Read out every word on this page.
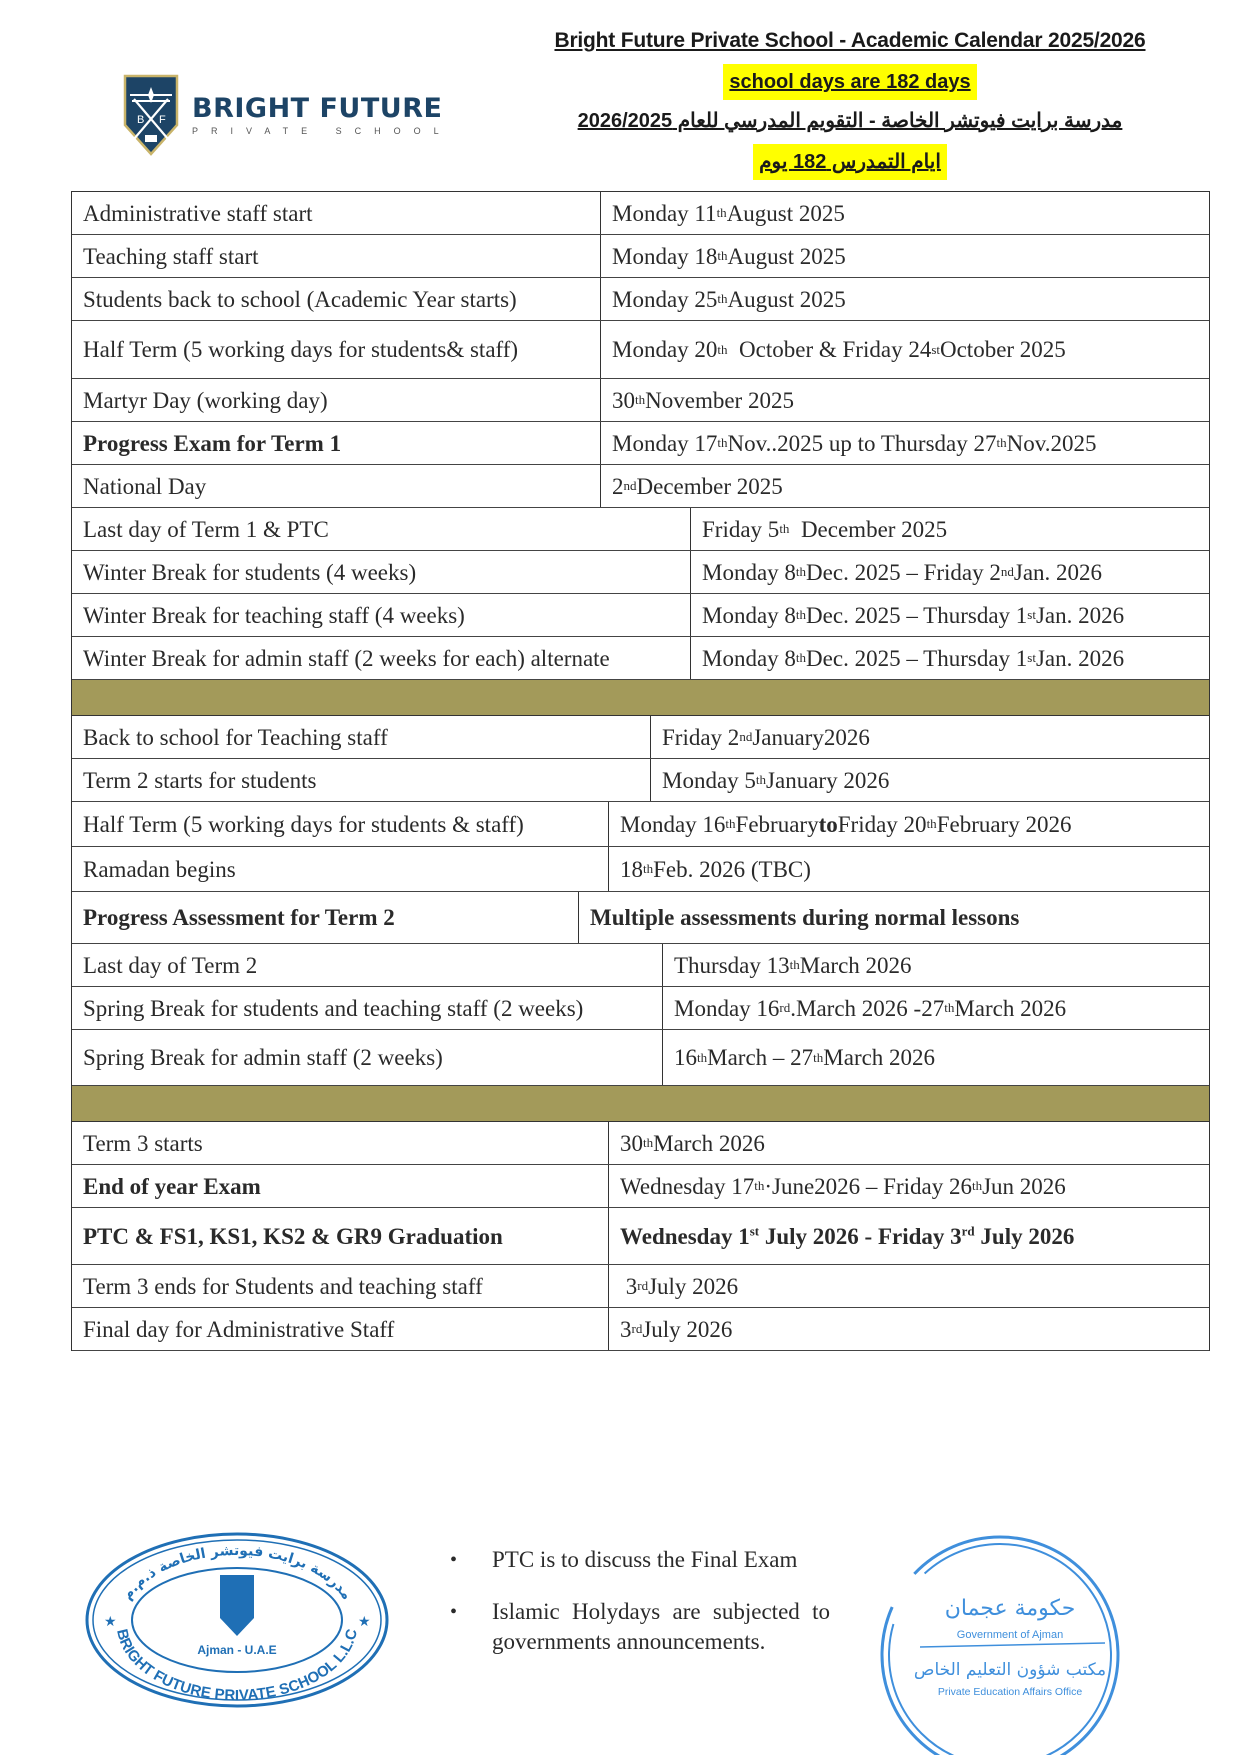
B F BRIGHT FUTURE
PRIVATE SCHOOL
Bright Future Private School - Academic Calendar 2025/2026
school days are 182 days
مدرسة برايت فيوتشر الخاصة - التقويم المدرسي للعام 2026/2025
ايام التمدرس 182 يوم
Administrative staff start	Monday 11 th August 2025
Teaching staff start	Monday 18 th August 2025
Students back to school (Academic Year starts)	Monday 25 th August 2025
Half Term (5 working days for students& staff)	Monday 20 th October & Friday 24 st October 2025
Martyr Day (working day)	30 th November 2025
Progress Exam for Term 1	Monday 17 th Nov..2025 up to Thursday 27 th Nov.2025
National Day	2 nd December 2025
Last day of Term 1 & PTC	Friday 5 th December 2025
Winter Break for students (4 weeks)	Monday 8 th Dec. 2025 – Friday 2 nd Jan. 2026
Winter Break for teaching staff (4 weeks)	Monday 8 th Dec. 2025 – Thursday 1 st Jan. 2026
Winter Break for admin staff (2 weeks for each) alternate	Monday 8 th Dec. 2025 – Thursday 1 st Jan. 2026
Back to school for Teaching staff	Friday 2 nd January2026
Term 2 starts for students	Monday 5 th January 2026
Half Term (5 working days for students & staff)	Monday 16 th February to Friday 20 th February 2026
Ramadan begins	18 th Feb. 2026 (TBC)
Progress Assessment for Term 2	Multiple assessments during normal lessons
Last day of Term 2	Thursday 13 th March 2026
Spring Break for students and teaching staff (2 weeks)	Monday 16 rd .March 2026 -27 th March 2026
Spring Break for admin staff (2 weeks)	16 th March – 27 th March 2026
Term 3 starts	30 th March 2026
End of year Exam	Wednesday 17 th ·June2026 – Friday 26 th Jun 2026
PTC & FS1, KS1, KS2 & GR9 Graduation	Wednesday 1st July 2026 - Friday 3rd July 2026
Term 3 ends for Students and teaching staff	3 rd July 2026
Final day for Administrative Staff	3 rd July 2026
مدرسة برايت فيوتشر الخاصة ذ.م.م
BRIGHT FUTURE PRIVATE SCHOOL L.L.C
★	★
Ajman - U.A.E
•	PTC is to discuss the Final Exam
•	Islamic Holydays are subjected to governments announcements.
حكومة عجمان
Government of Ajman
مكتب شؤون التعليم الخاص
Private Education Affairs Office
